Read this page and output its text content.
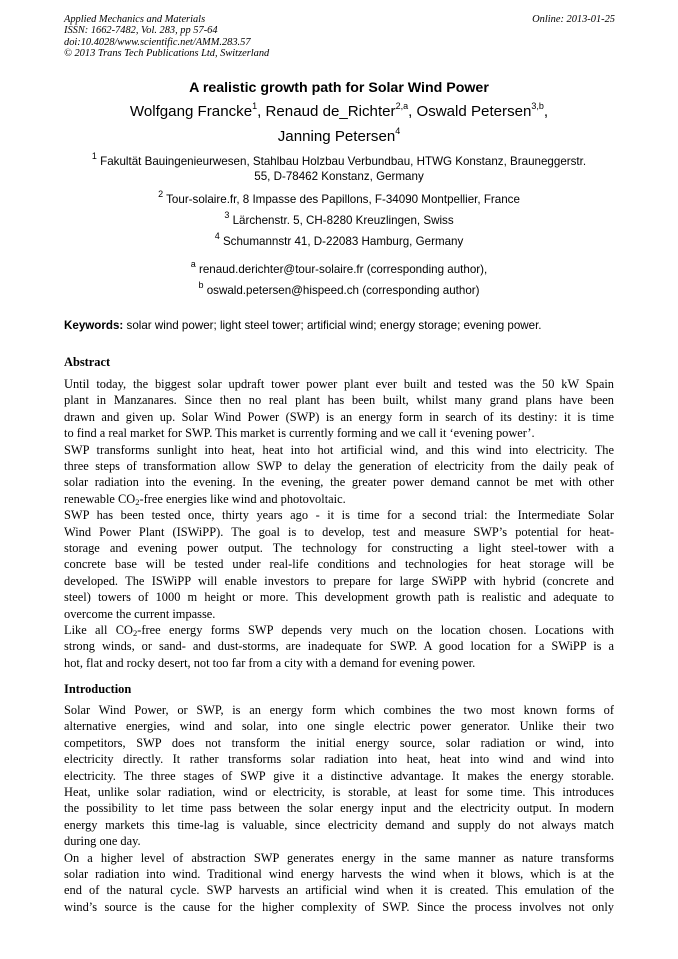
Applied Mechanics and Materials
ISSN: 1662-7482, Vol. 283, pp 57-64
doi:10.4028/www.scientific.net/AMM.283.57
© 2013 Trans Tech Publications Ltd, Switzerland
Online: 2013-01-25
A realistic growth path for Solar Wind Power
Wolfgang Francke$^1$, Renaud de_Richter$^{2,a}$, Oswald Petersen$^{3,b}$,
Janning Petersen$^4$
$^1$ Fakultät Bauingenieurwesen, Stahlbau Holzbau Verbundbau, HTWG Konstanz, Brauneggerstr.
55, D-78462 Konstanz, Germany
$^2$ Tour-solaire.fr, 8 Impasse des Papillons, F-34090 Montpellier, France
$^3$ Lärchenstr. 5, CH-8280 Kreuzlingen, Swiss
$^4$ Schumannstr 41, D-22083 Hamburg, Germany
$^a$ renaud.derichter@tour-solaire.fr (corresponding author),
$^b$ oswald.petersen@hispeed.ch (corresponding author)
Keywords: solar wind power; light steel tower; artificial wind; energy storage; evening power.
Abstract
Until today, the biggest solar updraft tower power plant ever built and tested was the 50 kW Spain
plant in Manzanares. Since then no real plant has been built, whilst many grand plans have been
drawn and given up. Solar Wind Power (SWP) is an energy form in search of its destiny: it is time
to find a real market for SWP. This market is currently forming and we call it ‘evening power’.
SWP transforms sunlight into heat, heat into hot artificial wind, and this wind into electricity. The
three steps of transformation allow SWP to delay the generation of electricity from the daily peak of
solar radiation into the evening. In the evening, the greater power demand cannot be met with other
renewable $CO_2$-free energies like wind and photovoltaic.
SWP has been tested once, thirty years ago - it is time for a second trial: the Intermediate Solar
Wind Power Plant (ISWiPP). The goal is to develop, test and measure SWP’s potential for heat-
storage and evening power output. The technology for constructing a light steel-tower with a
concrete base will be tested under real-life conditions and technologies for heat storage will be
developed. The ISWiPP will enable investors to prepare for large SWiPP with hybrid (concrete and
steel) towers of 1000 m height or more. This development growth path is realistic and adequate to
overcome the current impasse.
Like all $CO_2$-free energy forms SWP depends very much on the location chosen. Locations with
strong winds, or sand- and dust-storms, are inadequate for SWP. A good location for a SWiPP is a
hot, flat and rocky desert, not too far from a city with a demand for evening power.
Introduction
Solar Wind Power, or SWP, is an energy form which combines the two most known forms of
alternative energies, wind and solar, into one single electric power generator. Unlike their two
competitors, SWP does not transform the initial energy source, solar radiation or wind, into
electricity directly. It rather transforms solar radiation into heat, heat into wind and wind into
electricity. The three stages of SWP give it a distinctive advantage. It makes the energy storable.
Heat, unlike solar radiation, wind or electricity, is storable, at least for some time. This introduces
the possibility to let time pass between the solar energy input and the electricity output. In modern
energy markets this time-lag is valuable, since electricity demand and supply do not always match
during one day.
On a higher level of abstraction SWP generates energy in the same manner as nature transforms
solar radiation into wind. Traditional wind energy harvests the wind when it blows, which is at the
end of the natural cycle. SWP harvests an artificial wind when it is created. This emulation of the
wind’s source is the cause for the higher complexity of SWP. Since the process involves not only
